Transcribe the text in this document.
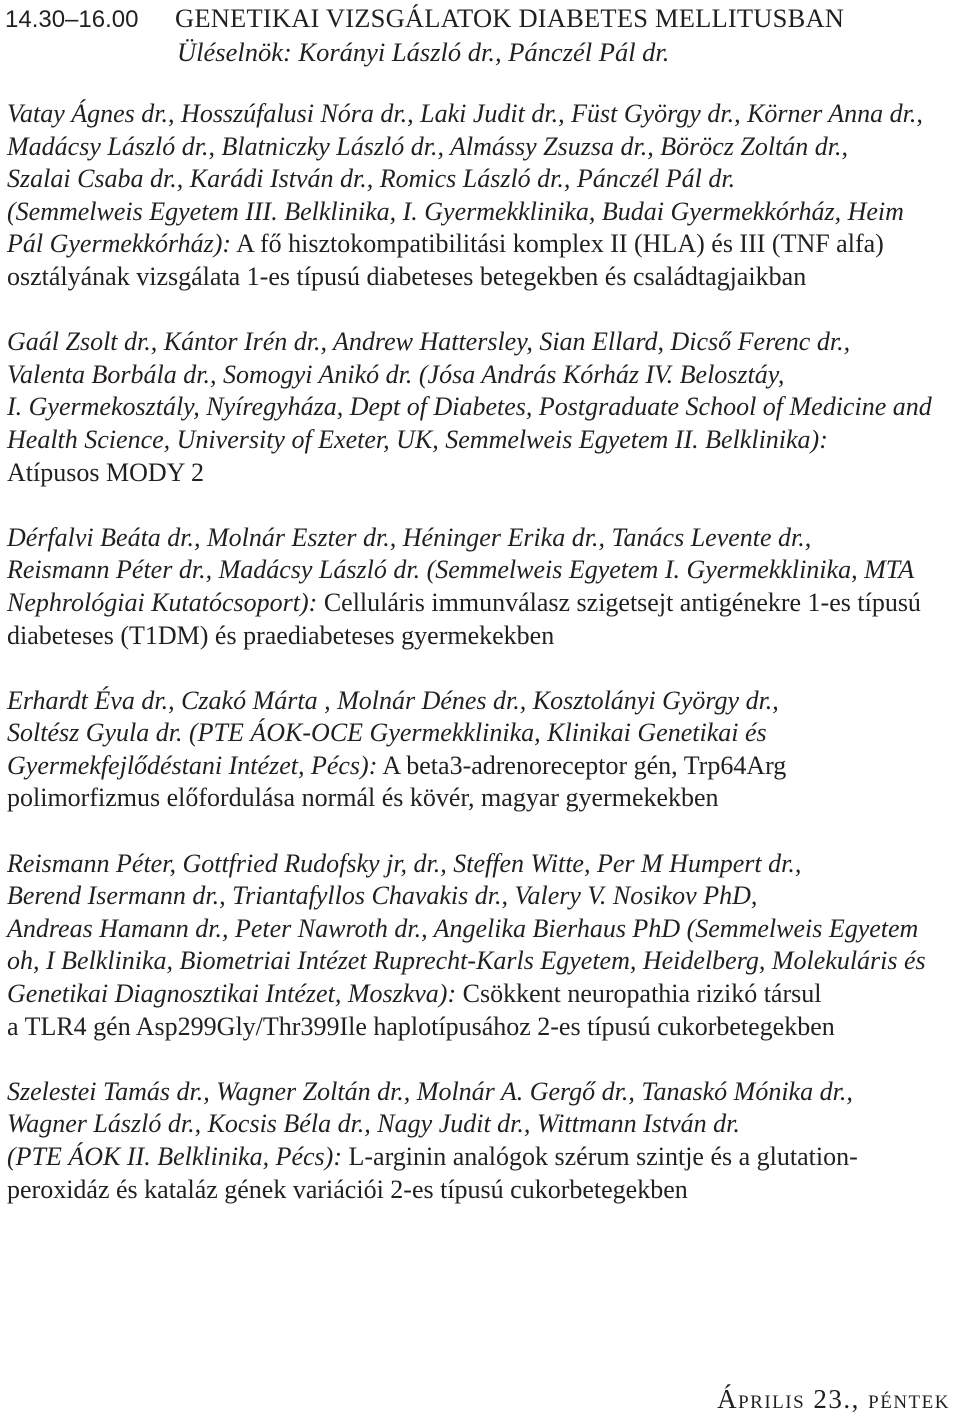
14.30–16.00 GENETIKAI VIZSGÁLATOK DIABETES MELLITUSBAN
Üléselnök: Korányi László dr., Pánczél Pál dr.
Vatay Ágnes dr., Hosszúfalusi Nóra dr., Laki Judit dr., Füst György dr., Körner Anna dr.,
Madácsy László dr., Blatniczky László dr., Almássy Zsuzsa dr., Böröcz Zoltán dr.,
Szalai Csaba dr., Karádi István dr., Romics László dr., Pánczél Pál dr.
(Semmelweis Egyetem III. Belklinika, I. Gyermekklinika, Budai Gyermekkórház, Heim
Pál Gyermekkórház): A fő hisztokompatibilitási komplex II (HLA) és III (TNF alfa)
osztályának vizsgálata 1-es típusú diabeteses betegekben és családtagjaikban
Gaál Zsolt dr., Kántor Irén dr., Andrew Hattersley, Sian Ellard, Dicső Ferenc dr.,
Valenta Borbála dr., Somogyi Anikó dr. (Jósa András Kórház IV. Belosztáy,
I. Gyermekosztály, Nyíregyháza, Dept of Diabetes, Postgraduate School of Medicine and
Health Science, University of Exeter, UK, Semmelweis Egyetem II. Belklinika):
Atípusos MODY 2
Dérfalvi Beáta dr., Molnár Eszter dr., Héninger Erika dr., Tanács Levente dr.,
Reismann Péter dr., Madácsy László dr. (Semmelweis Egyetem I. Gyermekklinika, MTA
Nephrológiai Kutatócsoport): Celluláris immunválasz szigetsejt antigénekre 1-es típusú
diabeteses (T1DM) és praediabeteses gyermekekben
Erhardt Éva dr., Czakó Márta , Molnár Dénes dr., Kosztolányi György dr.,
Soltész Gyula dr. (PTE ÁOK-OCE Gyermekklinika, Klinikai Genetikai és
Gyermekfejlődéstani Intézet, Pécs): A beta3-adrenoreceptor gén, Trp64Arg
polimorfizmus előfordulása normál és kövér, magyar gyermekekben
Reismann Péter, Gottfried Rudofsky jr, dr., Steffen Witte, Per M Humpert dr.,
Berend Isermann dr., Triantafyllos Chavakis dr., Valery V. Nosikov PhD,
Andreas Hamann dr., Peter Nawroth dr., Angelika Bierhaus PhD (Semmelweis Egyetem
oh, I Belklinika, Biometriai Intézet Ruprecht-Karls Egyetem, Heidelberg, Molekuláris és
Genetikai Diagnosztikai Intézet, Moszkva): Csökkent neuropathia rizikó társul
a TLR4 gén Asp299Gly/Thr399Ile haplotípusához 2-es típusú cukorbetegekben
Szelestei Tamás dr., Wagner Zoltán dr., Molnár A. Gergő dr., Tanaskó Mónika dr.,
Wagner László dr., Kocsis Béla dr., Nagy Judit dr., Wittmann István dr.
(PTE ÁOK II. Belklinika, Pécs): L-arginin analógok szérum szintje és a glutation-
peroxidáz és kataláz gének variációi 2-es típusú cukorbetegekben
Április 23., péntek
